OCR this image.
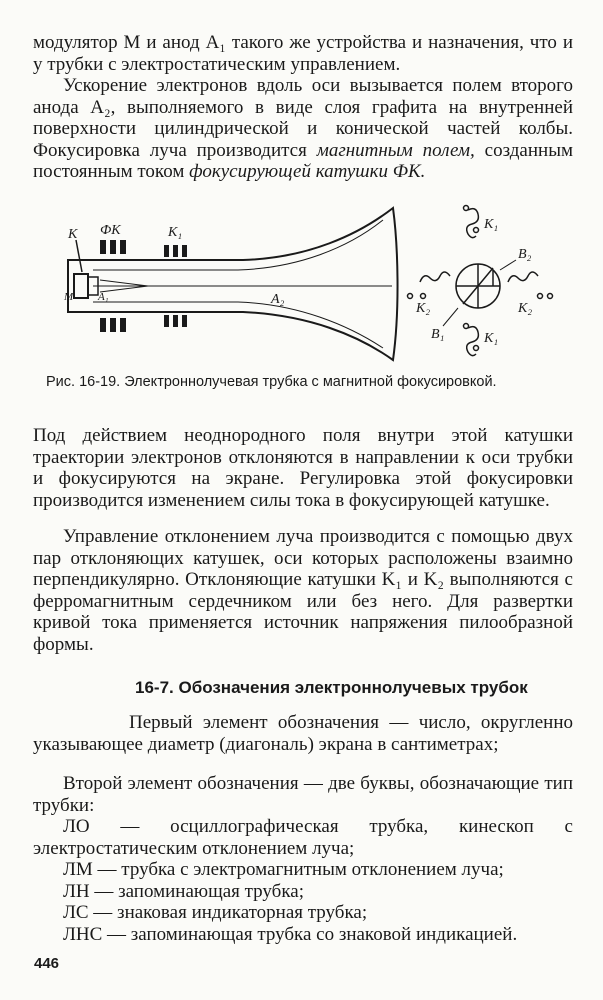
модулятор М и анод A₁ такого же устройства и назначения, что и у трубки с электростатическим управлением.

Ускорение электронов вдоль оси вызывается полем второго анода A₂, выполняемого в виде слоя графита на внутренней поверхности цилиндрической и конической частей колбы. Фокусировка луча производится магнитным полем, созданным постоянным током фокусирующей катушки ФК.

К ФК	К₁
М А₁	А₂
К₁
К₁
К₂	К₂
В₁
В₂
Рис. 16-19. Электроннолучевая трубка с магнитной фокусировкой.

Под действием неоднородного поля внутри этой катушки траектории электронов отклоняются в направлении к оси трубки и фокусируются на экране. Регулировка этой фокусировки производится изменением силы тока в фокусирующей катушке.

Управление отклонением луча производится с помощью двух пар отклоняющих катушек, оси которых расположены взаимно перпендикулярно. Отклоняющие катушки K₁ и K₂ выполняются с ферромагнитным сердечником или без него. Для развертки кривой тока применяется источник напряжения пилообразной формы.

16-7. Обозначения электроннолучевых трубок

Первый элемент обозначения — число, округленно указывающее диаметр (диагональ) экрана в сантиметрах;

Второй элемент обозначения — две буквы, обозначающие тип трубки:

ЛО — осциллографическая трубка, кинескоп с электростатическим отклонением луча;

ЛМ — трубка с электромагнитным отклонением луча;

ЛН — запоминающая трубка;

ЛС — знаковая индикаторная трубка;

ЛНС — запоминающая трубка со знаковой индикацией.

446
